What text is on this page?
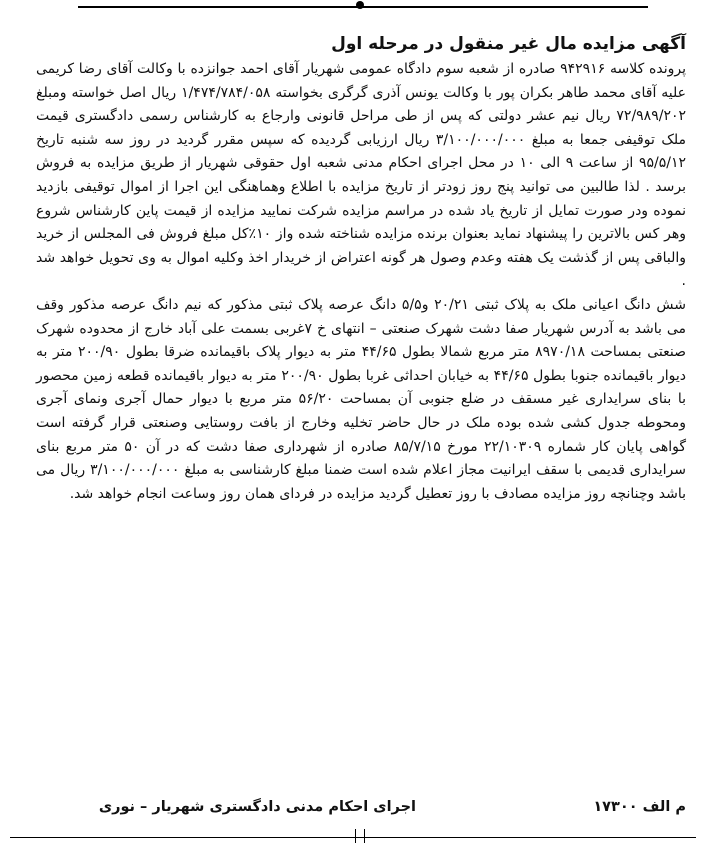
آگهی مزایده مال غیر منقول در مرحله اول

پرونده کلاسه ۹۴۲۹۱۶ صادره از شعبه سوم دادگاه عمومی شهریار آقای احمد جوانزده با وکالت آقای رضا کریمی علیه آقای محمد طاهر بکران پور با وکالت یونس آذری گرگری بخواسته ۱/۴۷۴/۷۸۴/۰۵۸ ریال اصل خواسته ومبلغ ۷۲/۹۸۹/۲۰۲ ریال نیم عشر دولتی که پس از طی مراحل قانونی وارجاع به کارشناس رسمی دادگستری قیمت ملک توقیفی جمعا به مبلغ ۳/۱۰۰/۰۰۰/۰۰۰ ریال ارزیابی گردیده که سپس مقرر گردید در روز سه شنبه تاریخ ۹۵/۵/۱۲ از ساعت ۹ الی ۱۰ در محل اجرای احکام مدنی شعبه اول حقوقی شهریار از طریق مزایده به فروش برسد . لذا طالبین می توانید پنج روز زودتر از تاریخ مزایده با اطلاع وهماهنگی این اجرا از اموال توقیفی بازدید نموده ودر صورت تمایل از تاریخ یاد شده در مراسم مزایده شرکت نمایید مزایده از قیمت پاین کارشناس شروع وهر کس بالاترین را پیشنهاد نماید بعنوان برنده مزایده شناخته شده واز ۱۰٪کل مبلغ فروش فی المجلس از خرید والباقی پس از گذشت یک هفته وعدم وصول هر گونه اعتراض از خریدار اخذ وکلیه اموال به وی تحویل خواهد شد .

شش دانگ اعیانی ملک به پلاک ثبتی ۲۰/۲۱ و۵/۵ دانگ عرصه پلاک ثبتی مذکور که نیم دانگ عرصه مذکور وقف می باشد به آدرس شهریار صفا دشت شهرک صنعتی – انتهای خ ۷غربی بسمت علی آباد خارج از محدوده شهرک صنعتی بمساحت ۸۹۷۰/۱۸ متر مربع شمالا بطول ۴۴/۶۵ متر به دیوار پلاک باقیمانده ضرقا بطول ۲۰۰/۹۰ متر به دیوار باقیمانده جنوبا بطول ۴۴/۶۵ به خیابان احداثی غربا بطول ۲۰۰/۹۰ متر به دیوار باقیمانده قطعه زمین محصور با بنای سرایداری غیر مسقف در ضلع جنوبی آن بمساحت ۵۶/۲۰ متر مربع با دیوار حمال آجری ونمای آجری ومحوطه جدول کشی شده بوده ملک در حال حاضر تخلیه وخارج از بافت روستایی وصنعتی قرار گرفته است گواهی پایان کار شماره ۲۲/۱۰۳۰۹ مورخ ۸۵/۷/۱۵ صادره از شهرداری صفا دشت که در آن ۵۰ متر مربع بنای سرایداری قدیمی با سقف ایرانیت مجاز اعلام شده است ضمنا مبلغ کارشناسی به مبلغ ۳/۱۰۰/۰۰۰/۰۰۰ ریال می باشد وچنانچه روز مزایده مصادف با روز تعطیل گردید مزایده در فردای همان روز وساعت انجام خواهد شد.

م الف ۱۷۳۰۰
اجرای احکام مدنی دادگستری شهریار – نوری
